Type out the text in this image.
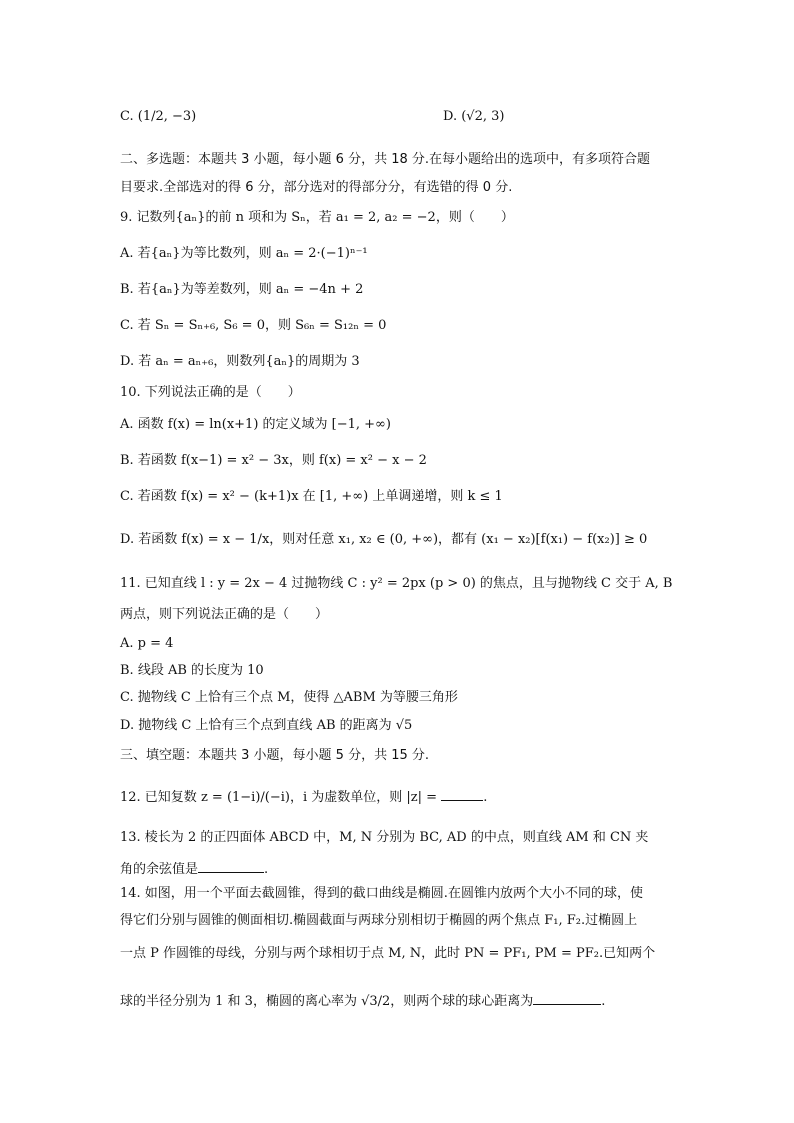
C. (1/2, −3)	D. (√2, 3)
二、多选题：本题共 3 小题，每小题 6 分，共 18 分.在每小题给出的选项中，有多项符合题
目要求.全部选对的得 6 分，部分选对的得部分分，有选错的得 0 分.
9. 记数列{aₙ}的前 n 项和为 Sₙ，若 a₁ = 2, a₂ = −2，则（　　）
A. 若{aₙ}为等比数列，则 aₙ = 2·(−1)ⁿ⁻¹
B. 若{aₙ}为等差数列，则 aₙ = −4n + 2
C. 若 Sₙ = Sₙ₊₆, S₆ = 0，则 S₆ₙ = S₁₂ₙ = 0
D. 若 aₙ = aₙ₊₆，则数列{aₙ}的周期为 3
10. 下列说法正确的是（　　）
A. 函数 f(x) = ln(x+1) 的定义域为 [−1, +∞)
B. 若函数 f(x−1) = x² − 3x，则 f(x) = x² − x − 2
C. 若函数 f(x) = x² − (k+1)x 在 [1, +∞) 上单调递增，则 k ≤ 1
D. 若函数 f(x) = x − 1/x，则对任意 x₁, x₂ ∈ (0, +∞)，都有 (x₁ − x₂)[f(x₁) − f(x₂)] ≥ 0
11. 已知直线 l : y = 2x − 4 过抛物线 C : y² = 2px (p > 0) 的焦点，且与抛物线 C 交于 A, B
两点，则下列说法正确的是（　　）
A. p = 4
B. 线段 AB 的长度为 10
C. 抛物线 C 上恰有三个点 M，使得 △ABM 为等腰三角形
D. 抛物线 C 上恰有三个点到直线 AB 的距离为 √5
三、填空题：本题共 3 小题，每小题 5 分，共 15 分.
12. 已知复数 z = (1−i)/(−i)，i 为虚数单位，则 |z| =	.
13. 棱长为 2 的正四面体 ABCD 中，M, N 分别为 BC, AD 的中点，则直线 AM 和 CN 夹
角的余弦值是	.
14. 如图，用一个平面去截圆锥，得到的截口曲线是椭圆.在圆锥内放两个大小不同的球，使
得它们分别与圆锥的侧面相切.椭圆截面与两球分别相切于椭圆的两个焦点 F₁, F₂.过椭圆上
一点 P 作圆锥的母线，分别与两个球相切于点 M, N，此时 PN = PF₁, PM = PF₂.已知两个
球的半径分别为 1 和 3，椭圆的离心率为 √3/2，则两个球的球心距离为	.
